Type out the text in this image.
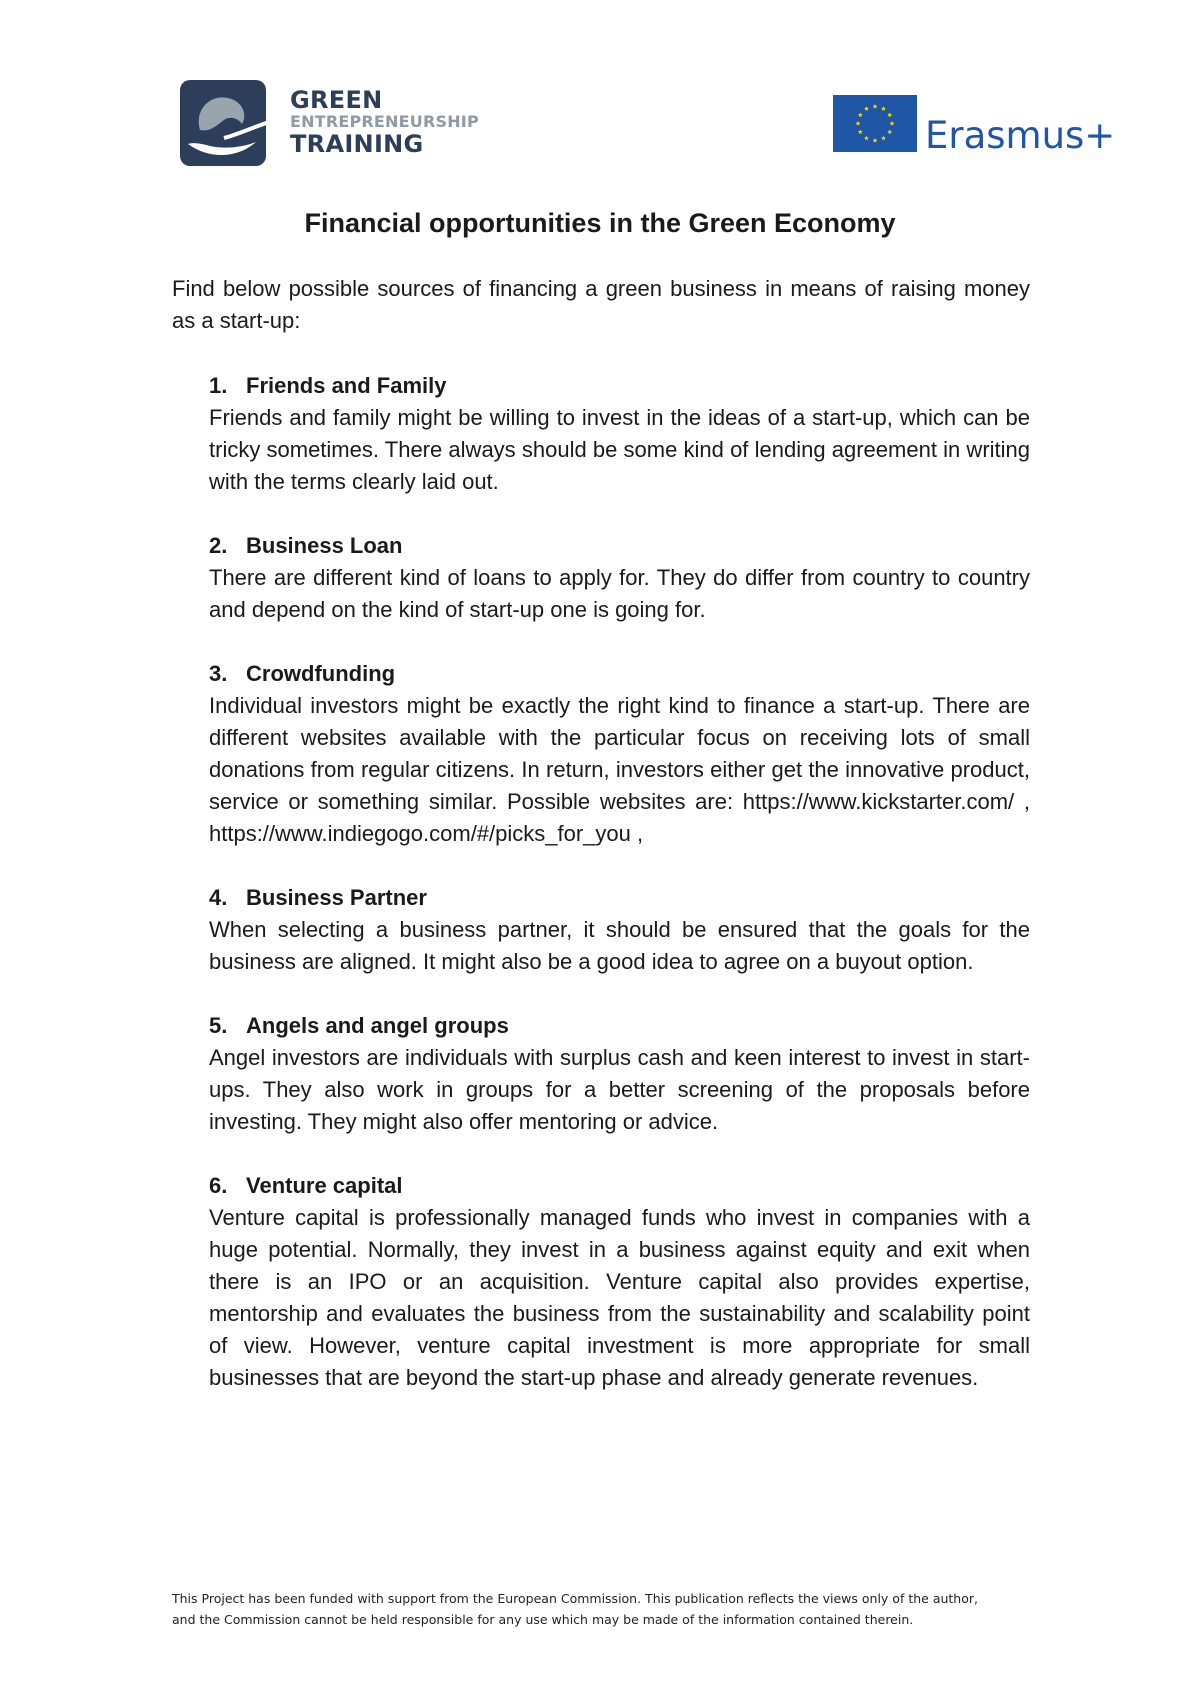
GREEN
ENTREPRENEURSHIP
TRAINING	Erasmus+
Financial opportunities in the Green Economy

Find below possible sources of financing a green business in means of raising money as a start-up:

1. Friends and Family

Friends and family might be willing to invest in the ideas of a start-up, which can be tricky sometimes. There always should be some kind of lending agreement in writing with the terms clearly laid out.

2. Business Loan

There are different kind of loans to apply for. They do differ from country to country and depend on the kind of start-up one is going for.

3. Crowdfunding

Individual investors might be exactly the right kind to finance a start-up. There are different websites available with the particular focus on receiving lots of small donations from regular citizens. In return, investors either get the innovative product, service or something similar. Possible websites are: https://www.kickstarter.com/ , https://www.indiegogo.com/#/picks_for_you ,

4. Business Partner

When selecting a business partner, it should be ensured that the goals for the business are aligned. It might also be a good idea to agree on a buyout option.

5. Angels and angel groups

Angel investors are individuals with surplus cash and keen interest to invest in start-ups. They also work in groups for a better screening of the proposals before investing. They might also offer mentoring or advice.

6. Venture capital

Venture capital is professionally managed funds who invest in companies with a huge potential. Normally, they invest in a business against equity and exit when there is an IPO or an acquisition. Venture capital also provides expertise, mentorship and evaluates the business from the sustainability and scalability point of view. However, venture capital investment is more appropriate for small businesses that are beyond the start-up phase and already generate revenues.

This Project has been funded with support from the European Commission. This publication reflects the views only of the author,

and the Commission cannot be held responsible for any use which may be made of the information contained therein.
